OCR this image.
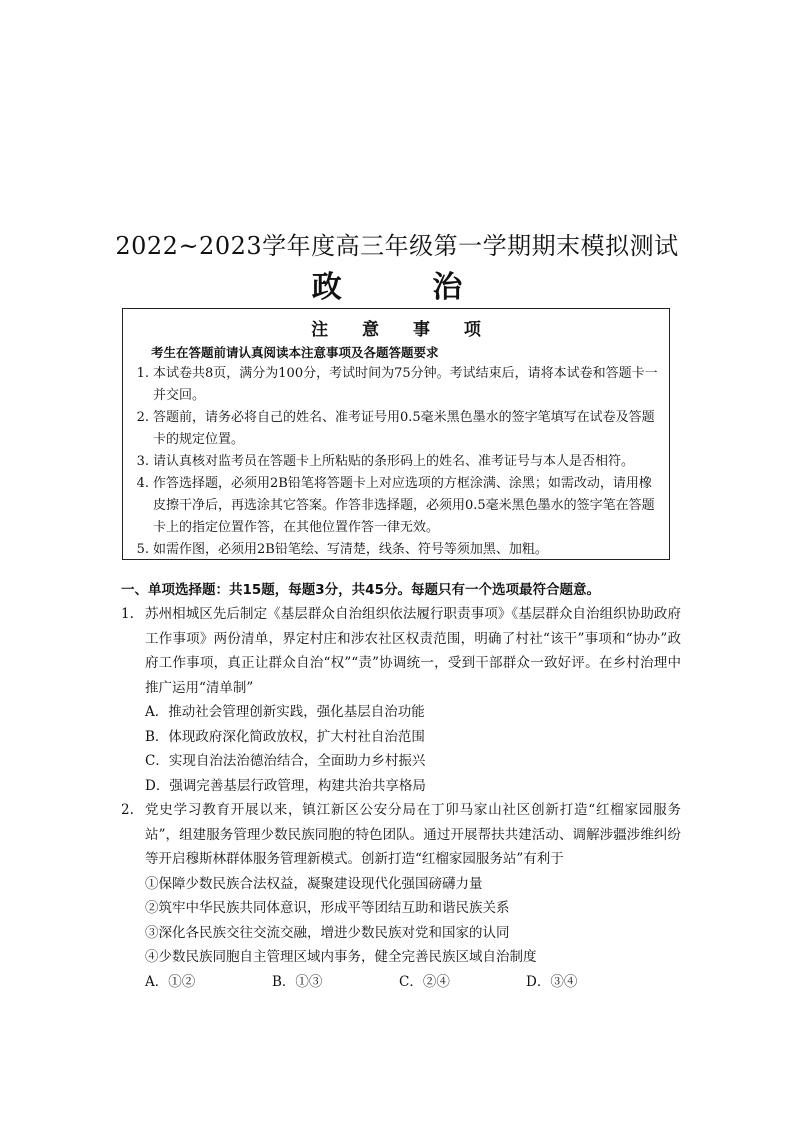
2022~2023学年度高三年级第一学期期末模拟测试
政 治
注 意 事 项
考生在答题前请认真阅读本注意事项及各题答题要求
1. 本试卷共8页，满分为100分，考试时间为75分钟。考试结束后，请将本试卷和答题卡一并交回。
2. 答题前，请务必将自己的姓名、准考证号用0.5毫米黑色墨水的签字笔填写在试卷及答题卡的规定位置。
3. 请认真核对监考员在答题卡上所粘贴的条形码上的姓名、准考证号与本人是否相符。
4. 作答选择题，必须用2B铅笔将答题卡上对应选项的方框涂满、涂黑；如需改动，请用橡皮擦干净后，再选涂其它答案。作答非选择题，必须用0.5毫米黑色墨水的签字笔在答题卡上的指定位置作答，在其他位置作答一律无效。
5. 如需作图，必须用2B铅笔绘、写清楚，线条、符号等须加黑、加粗。
一、单项选择题：共15题，每题3分，共45分。每题只有一个选项最符合题意。
1. 苏州相城区先后制定《基层群众自治组织依法履行职责事项》《基层群众自治组织协助政府工作事项》两份清单，界定村庄和涉农社区权责范围，明确了村社“该干”事项和“协办”政府工作事项，真正让群众自治“权”“责”协调统一，受到干部群众一致好评。在乡村治理中推广运用“清单制”
A．推动社会管理创新实践，强化基层自治功能
B．体现政府深化简政放权，扩大村社自治范围
C．实现自治法治德治结合，全面助力乡村振兴
D．强调完善基层行政管理，构建共治共享格局
2. 党史学习教育开展以来，镇江新区公安分局在丁卯马家山社区创新打造“红榴家园服务站”，组建服务管理少数民族同胞的特色团队。通过开展帮扶共建活动、调解涉疆涉维纠纷等开启穆斯林群体服务管理新模式。创新打造“红榴家园服务站”有利于
①保障少数民族合法权益，凝聚建设现代化强国磅礴力量
②筑牢中华民族共同体意识，形成平等团结互助和谐民族关系
③深化各民族交往交流交融，增进少数民族对党和国家的认同
④少数民族同胞自主管理区域内事务，健全完善民族区域自治制度
A．①②	B．①③	C．②④	D．③④
